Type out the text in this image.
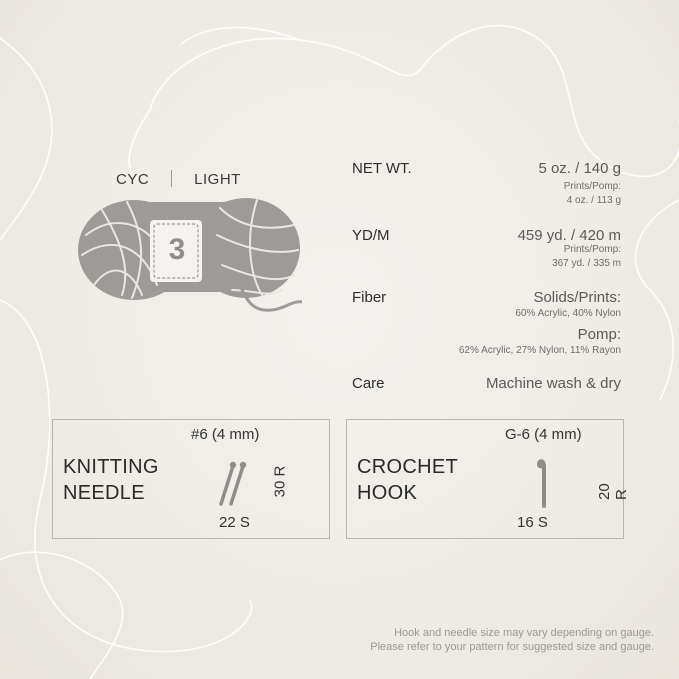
CYC	LIGHT
3
NET WT.	5 oz. / 140 g
Prints/Pomp:
4 oz. / 113 g
YD/M	459 yd. / 420 m
Prints/Pomp:
367 yd. / 335 m
Fiber	Solids/Prints:
60% Acrylic, 40% Nylon
Pomp:
62% Acrylic, 27% Nylon, 11% Rayon
Care	Machine wash & dry
#6 (4 mm)
KNITTING
NEEDLE	30 R
22 S
G-6 (4 mm)
CROCHET
HOOK	20 R
16 S
Hook and needle size may vary depending on gauge.
Please refer to your pattern for suggested size and gauge.
